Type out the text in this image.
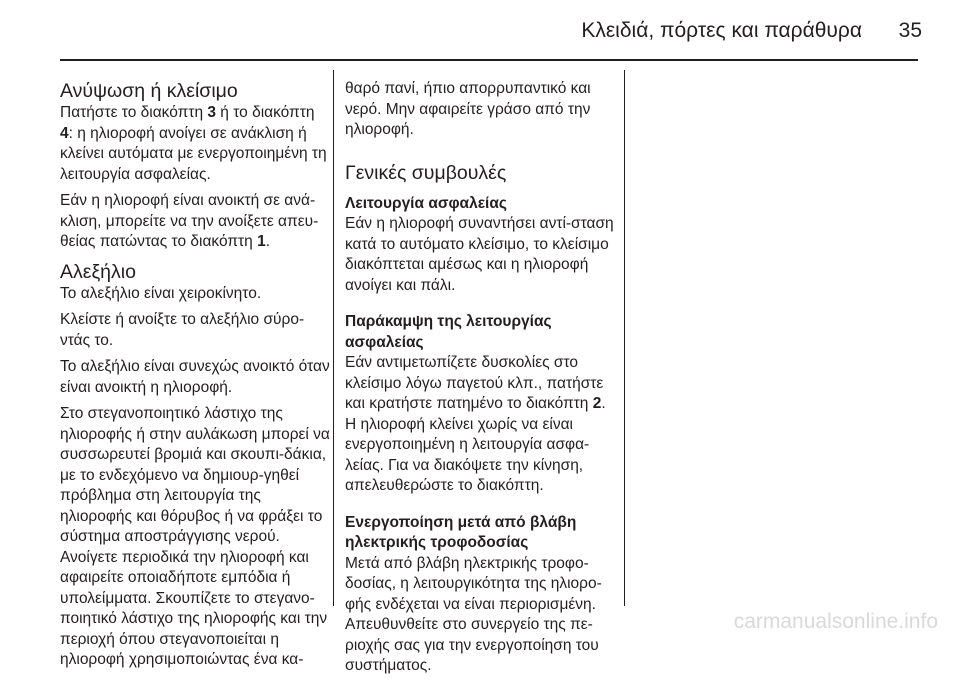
Κλειδιά, πόρτες και παράθυρα 35
Ανύψωση ή κλείσιμο

Πατήστε το διακόπτη 3 ή το διακόπτη 4: η ηλιοροφή ανοίγει σε ανάκλιση ή κλείνει αυτόματα με ενεργοποιημένη τη λειτουργία ασφαλείας.

Εάν η ηλιοροφή είναι ανοικτή σε ανά-κλιση, μπορείτε να την ανοίξετε απευ-θείας πατώντας το διακόπτη 1.

Αλεξήλιο

Το αλεξήλιο είναι χειροκίνητο.

Κλείστε ή ανοίξτε το αλεξήλιο σύρο-ντάς το.

Το αλεξήλιο είναι συνεχώς ανοικτό όταν είναι ανοικτή η ηλιοροφή.

Στο στεγανοποιητικό λάστιχο της ηλιοροφής ή στην αυλάκωση μπορεί να συσσωρευτεί βρομιά και σκουπι-δάκια, με το ενδεχόμενο να δημιουρ-γηθεί πρόβλημα στη λειτουργία της ηλιοροφής και θόρυβος ή να φράξει το σύστημα αποστράγγισης νερού. Ανοίγετε περιοδικά την ηλιοροφή και αφαιρείτε οποιαδήποτε εμπόδια ή υπολείμματα. Σκουπίζετε το στεγανο-ποιητικό λάστιχο της ηλιοροφής και την περιοχή όπου στεγανοποιείται η ηλιοροφή χρησιμοποιώντας ένα κα-

θαρό πανί, ήπιο απορρυπαντικό και νερό. Μην αφαιρείτε γράσο από την ηλιοροφή.

Γενικές συμβουλές
Λειτουργία ασφαλείας

Εάν η ηλιοροφή συναντήσει αντί-σταση κατά το αυτόματο κλείσιμο, το κλείσιμο διακόπτεται αμέσως και η ηλιοροφή ανοίγει και πάλι.

Παράκαμψη της λειτουργίας ασφαλείας

Εάν αντιμετωπίζετε δυσκολίες στο κλείσιμο λόγω παγετού κλπ., πατήστε και κρατήστε πατημένο το διακόπτη 2. Η ηλιοροφή κλείνει χωρίς να είναι ενεργοποιημένη η λειτουργία ασφα-λείας. Για να διακόψετε την κίνηση, απελευθερώστε το διακόπτη.

Ενεργοποίηση μετά από βλάβη ηλεκτρικής τροφοδοσίας

Μετά από βλάβη ηλεκτρικής τροφο-δοσίας, η λειτουργικότητα της ηλιορο-φής ενδέχεται να είναι περιορισμένη. Απευθυνθείτε στο συνεργείο της πε-ριοχής σας για την ενεργοποίηση του συστήματος.

carmanualsonline.info
